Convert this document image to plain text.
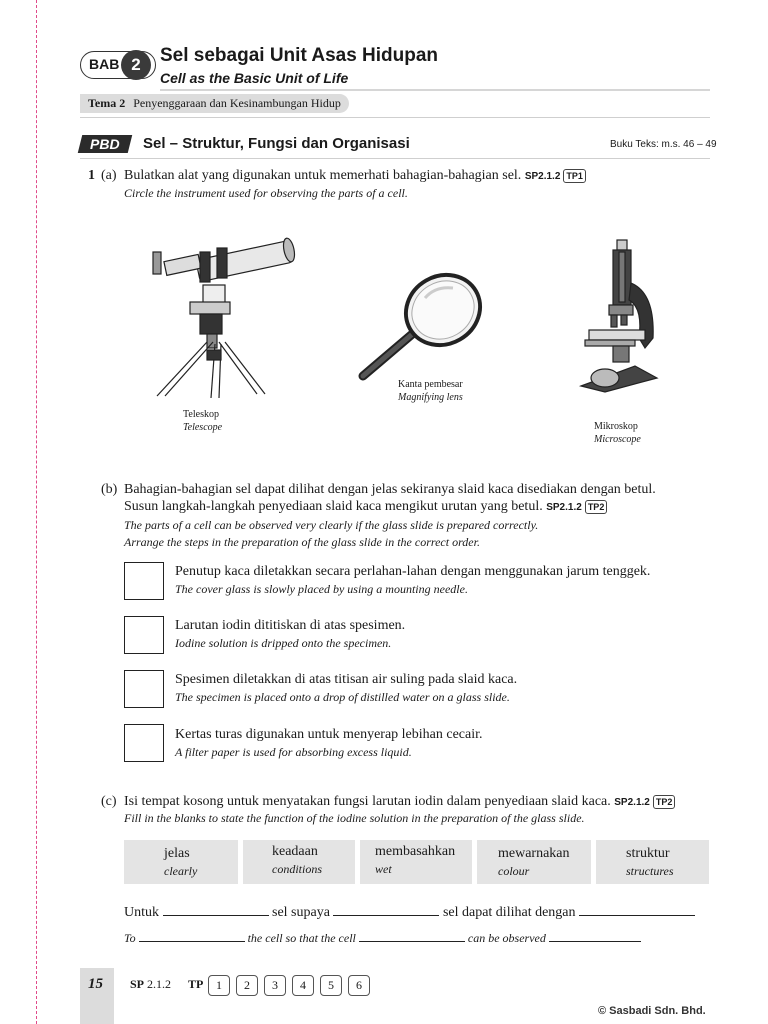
BAB 2	Sel sebagai Unit Asas Hidupan
Cell as the Basic Unit of Life
Tema 2 Penyenggaraan dan Kesinambungan Hidup
PBD	Sel – Struktur, Fungsi dan Organisasi	Buku Teks: m.s. 46 – 49
1 (a) Bulatkan alat yang digunakan untuk memerhati bahagian-bahagian sel. SP2.1.2 TP1
Circle the instrument used for observing the parts of a cell.
Teleskop
Telescope
Kanta pembesar
Magnifying lens
Mikroskop
Microscope
(b) Bahagian-bahagian sel dapat dilihat dengan jelas sekiranya slaid kaca disediakan dengan betul.
Susun langkah-langkah penyediaan slaid kaca mengikut urutan yang betul. SP2.1.2 TP2
The parts of a cell can be observed very clearly if the glass slide is prepared correctly.
Arrange the steps in the preparation of the glass slide in the correct order.
Penutup kaca diletakkan secara perlahan-lahan dengan menggunakan jarum tenggek.
The cover glass is slowly placed by using a mounting needle.
Larutan iodin dititiskan di atas spesimen.
Iodine solution is dripped onto the specimen.
Spesimen diletakkan di atas titisan air suling pada slaid kaca.
The specimen is placed onto a drop of distilled water on a glass slide.
Kertas turas digunakan untuk menyerap lebihan cecair.
A filter paper is used for absorbing excess liquid.
(c) Isi tempat kosong untuk menyatakan fungsi larutan iodin dalam penyediaan slaid kaca. SP2.1.2 TP2
Fill in the blanks to state the function of the iodine solution in the preparation of the glass slide.
jelas
clearly
keadaan
conditions
membasahkan
wet
mewarnakan
colour
struktur
structures
Untuk	sel supaya	sel dapat dilihat dengan
To	the cell so that the cell	can be observed
15 SP 2.1.2 TP	1	2	3	4	5	6
© Sasbadi Sdn. Bhd.
